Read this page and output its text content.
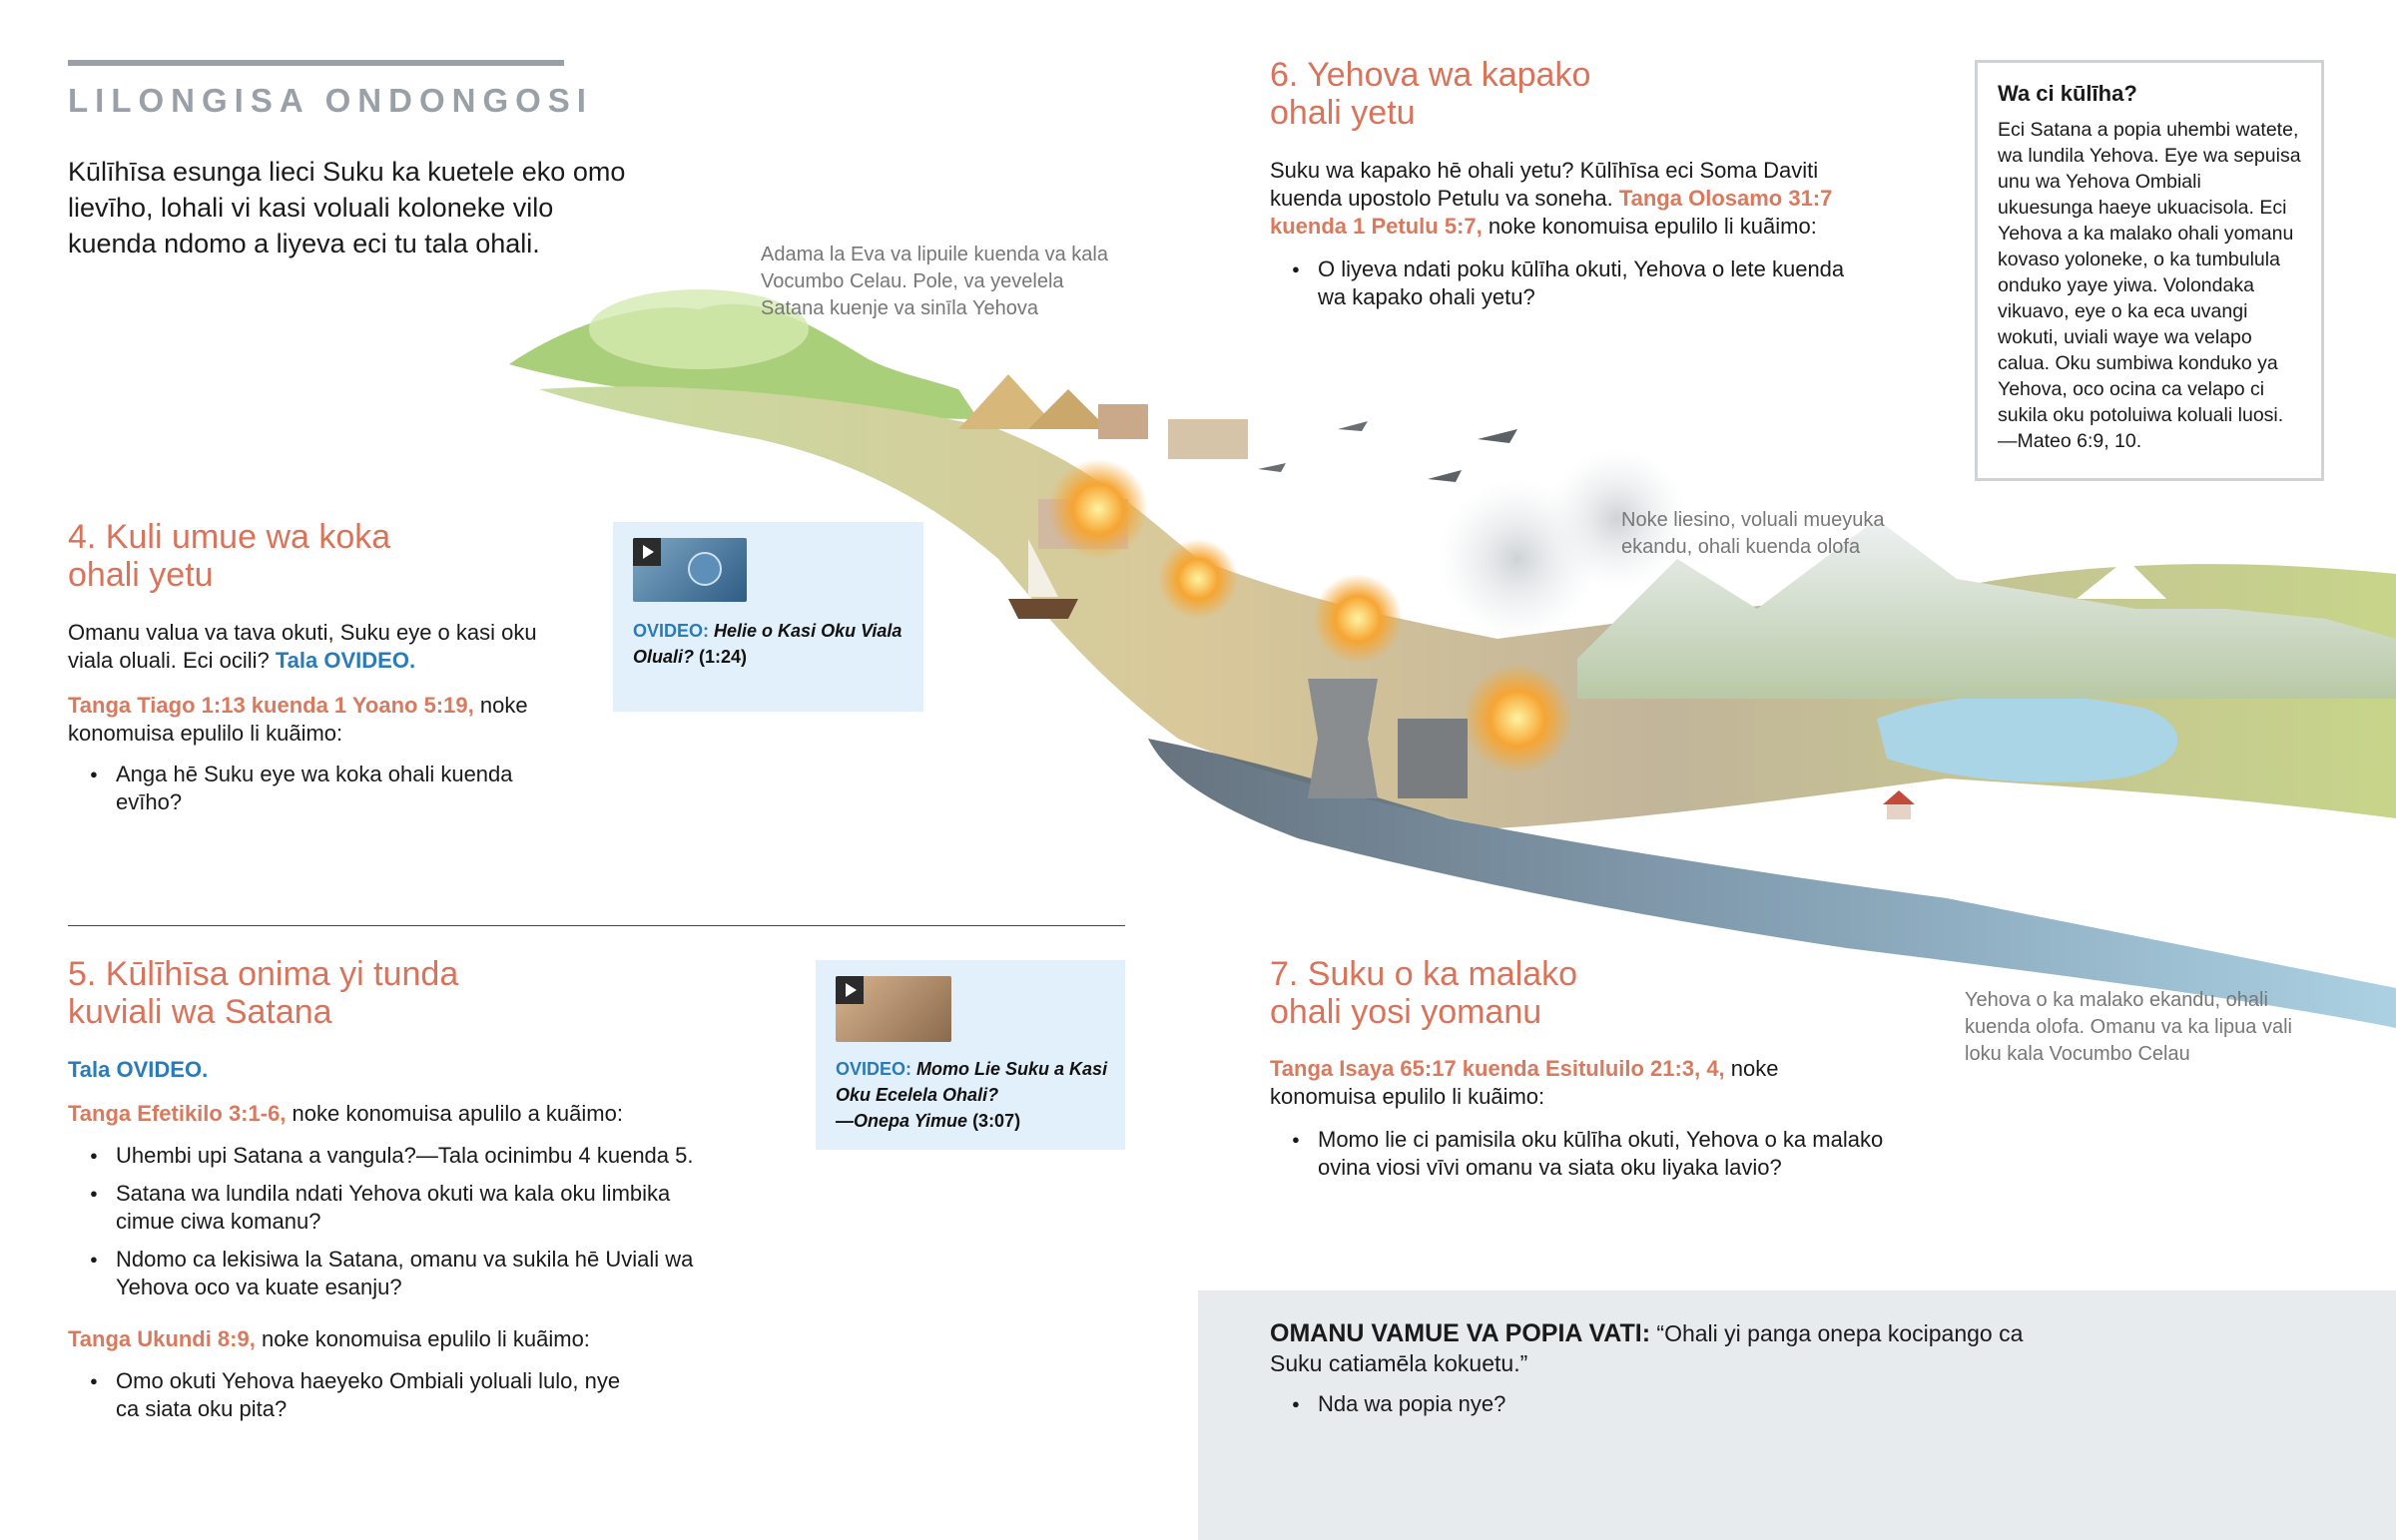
LILONGISA ONDONGOSI

Kūlīhīsa esunga lieci Suku ka kuetele eko omo lievīho, lohali vi kasi voluali koloneke vilo kuenda ndomo a liyeva eci tu tala ohali.	Adama la Eva va lipuile kuenda va kala Vocumbo Celau. Pole, va yevelela Satana kuenje va sinīla Yehova
Noke liesino, voluali mueyuka ekandu, ohali kuenda olofa
Yehova o ka malako ekandu, ohali kuenda olofa. Omanu va ka lipua vali loku kala Vocumbo Celau
4. Kuli umue wa koka ohali yetu

Omanu valua va tava okuti, Suku eye o kasi oku viala oluali. Eci ocili? Tala OVIDEO.

Tanga Tiago 1:13 kuenda 1 Yoano 5:19, noke konomuisa epulilo li kuãimo:

● Anga hē Suku eye wa koka ohali kuenda evīho?
OVIDEO: Helie o Kasi Oku Viala Oluali? (1:24)
5. Kūlīhīsa onima yi tunda kuviali wa Satana

Tala OVIDEO.

Tanga Efetikilo 3:1-6, noke konomuisa apulilo a kuãimo:

● Uhembi upi Satana a vangula?—Tala ocinimbu 4 kuenda 5.
● Satana wa lundila ndati Yehova okuti wa kala oku limbika cimue ciwa komanu?
● Ndomo ca lekisiwa la Satana, omanu va sukila hē Uviali wa Yehova oco va kuate esanju?

Tanga Ukundi 8:9, noke konomuisa epulilo li kuãimo:

● Omo okuti Yehova haeyeko Ombiali yoluali lulo, nye ca siata oku pita?
OVIDEO: Momo Lie Suku a Kasi Oku Ecelela Ohali?
—Onepa Yimue (3:07)
6. Yehova wa kapako ohali yetu

Suku wa kapako hē ohali yetu? Kūlīhīsa eci Soma Daviti kuenda upostolo Petulu va soneha. Tanga Olosamo 31:7 kuenda 1 Petulu 5:7, noke konomuisa epulilo li kuãimo:

● O liyeva ndati poku kūlīha okuti, Yehova o lete kuenda wa kapako ohali yetu?
Wa ci kūlīha?
Eci Satana a popia uhembi watete, wa lundila Yehova. Eye wa sepuisa unu wa Yehova Ombiali ukuesunga haeye ukuacisola. Eci Yehova a ka malako ohali yomanu kovaso yoloneke, o ka tumbulula onduko yaye yiwa. Volondaka vikuavo, eye o ka eca uvangi wokuti, uviali waye wa velapo calua. Oku sumbiwa konduko ya Yehova, oco ocina ca velapo ci sukila oku potoluiwa koluali luosi.—Mateo 6:9, 10.
7. Suku o ka malako ohali yosi yomanu

Tanga Isaya 65:17 kuenda Esituluilo 21:3, 4, noke konomuisa epulilo li kuãimo:

● Momo lie ci pamisila oku kūlīha okuti, Yehova o ka malako ovina viosi vīvi omanu va siata oku liyaka lavio?

OMANU VAMUE VA POPIA VATI: “Ohali yi panga onepa kocipango ca Suku catiamēla kokuetu.”

● Nda wa popia nye?
